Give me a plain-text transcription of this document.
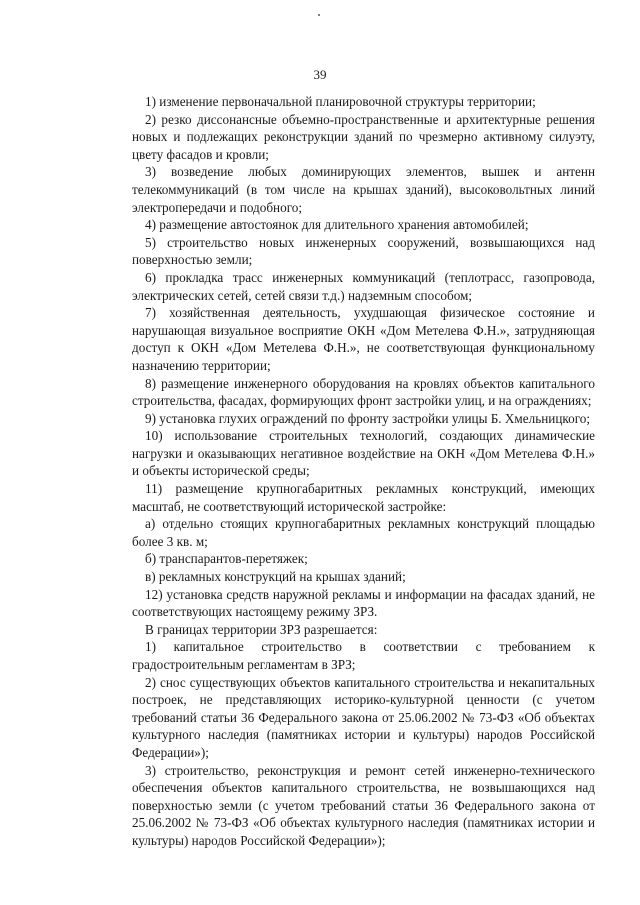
39

1) изменение первоначальной планировочной структуры территории;

2) резко диссонансные объемно-пространственные и архитектурные решения новых и подлежащих реконструкции зданий по чрезмерно активному силуэту, цвету фасадов и кровли;

3) возведение любых доминирующих элементов, вышек и антенн телекоммуникаций (в том числе на крышах зданий), высоковольтных линий электропередачи и подобного;

4) размещение автостоянок для длительного хранения автомобилей;

5) строительство новых инженерных сооружений, возвышающихся над поверхностью земли;

6) прокладка трасс инженерных коммуникаций (теплотрасс, газопровода, электрических сетей, сетей связи т.д.) надземным способом;

7) хозяйственная деятельность, ухудшающая физическое состояние и нарушающая визуальное восприятие ОКН «Дом Метелева Ф.Н.», затрудняющая доступ к ОКН «Дом Метелева Ф.Н.», не соответствующая функциональному назначению территории;

8) размещение инженерного оборудования на кровлях объектов капитального строительства, фасадах, формирующих фронт застройки улиц, и на ограждениях;

9) установка глухих ограждений по фронту застройки улицы Б. Хмельницкого;

10) использование строительных технологий, создающих динамические нагрузки и оказывающих негативное воздействие на ОКН «Дом Метелева Ф.Н.» и объекты исторической среды;

11) размещение крупногабаритных рекламных конструкций, имеющих масштаб, не соответствующий исторической застройке:

а) отдельно стоящих крупногабаритных рекламных конструкций площадью более 3 кв. м;

б) транспарантов-перетяжек;

в) рекламных конструкций на крышах зданий;

12) установка средств наружной рекламы и информации на фасадах зданий, не соответствующих настоящему режиму ЗРЗ.

В границах территории ЗРЗ разрешается:

1) капитальное строительство в соответствии с требованием к градостроительным регламентам в ЗРЗ;

2) снос существующих объектов капитального строительства и некапитальных построек, не представляющих историко-культурной ценности (с учетом требований статьи 36 Федерального закона от 25.06.2002 № 73-ФЗ «Об объектах культурного наследия (памятниках истории и культуры) народов Российской Федерации»);

3) строительство, реконструкция и ремонт сетей инженерно-технического обеспечения объектов капитального строительства, не возвышающихся над поверхностью земли (с учетом требований статьи 36 Федерального закона от 25.06.2002 № 73-ФЗ «Об объектах культурного наследия (памятниках истории и культуры) народов Российской Федерации»);
